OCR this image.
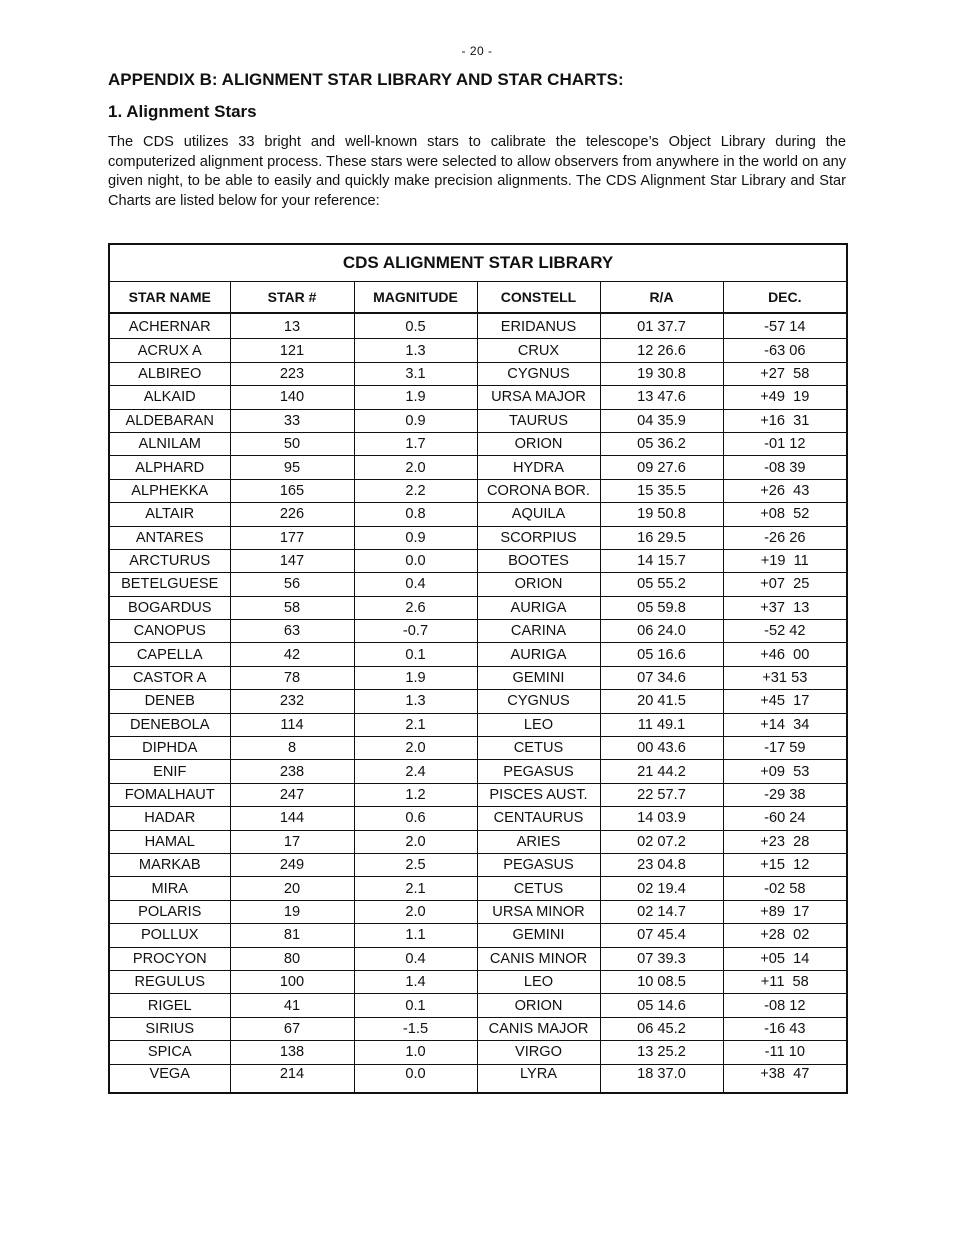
- 20 -
APPENDIX B: ALIGNMENT STAR LIBRARY AND STAR CHARTS:
1. Alignment Stars

The CDS utilizes 33 bright and well-known stars to calibrate the telescope’s Object Library during the computerized alignment process. These stars were selected to allow observers from anywhere in the world on any given night, to be able to easily and quickly make precision alignments. The CDS Alignment Star Library and Star Charts are listed below for your reference:

CDS ALIGNMENT STAR LIBRARY					
STAR NAME	STAR #	MAGNITUDE	CONSTELL	R/A	DEC.
ACHERNAR	13	0.5	ERIDANUS	01 37.7	-57 14
ACRUX A	121	1.3	CRUX	12 26.6	-63 06
ALBIREO	223	3.1	CYGNUS	19 30.8	+27  58
ALKAID	140	1.9	URSA MAJOR	13 47.6	+49  19
ALDEBARAN	33	0.9	TAURUS	04 35.9	+16  31
ALNILAM	50	1.7	ORION	05 36.2	-01 12
ALPHARD	95	2.0	HYDRA	09 27.6	-08 39
ALPHEKKA	165	2.2	CORONA BOR.	15 35.5	+26  43
ALTAIR	226	0.8	AQUILA	19 50.8	+08  52
ANTARES	177	0.9	SCORPIUS	16 29.5	-26 26
ARCTURUS	147	0.0	BOOTES	14 15.7	+19  11
BETELGUESE	56	0.4	ORION	05 55.2	+07  25
BOGARDUS	58	2.6	AURIGA	05 59.8	+37  13
CANOPUS	63	-0.7	CARINA	06 24.0	-52 42
CAPELLA	42	0.1	AURIGA	05 16.6	+46  00
CASTOR A	78	1.9	GEMINI	07 34.6	+31 53
DENEB	232	1.3	CYGNUS	20 41.5	+45  17
DENEBOLA	114	2.1	LEO	11 49.1	+14  34
DIPHDA	8	2.0	CETUS	00 43.6	-17 59
ENIF	238	2.4	PEGASUS	21 44.2	+09  53
FOMALHAUT	247	1.2	PISCES AUST.	22 57.7	-29 38
HADAR	144	0.6	CENTAURUS	14 03.9	-60 24
HAMAL	17	2.0	ARIES	02 07.2	+23  28
MARKAB	249	2.5	PEGASUS	23 04.8	+15  12
MIRA	20	2.1	CETUS	02 19.4	-02 58
POLARIS	19	2.0	URSA MINOR	02 14.7	+89  17
POLLUX	81	1.1	GEMINI	07 45.4	+28  02
PROCYON	80	0.4	CANIS MINOR	07 39.3	+05  14
REGULUS	100	1.4	LEO	10 08.5	+11  58
RIGEL	41	0.1	ORION	05 14.6	-08 12
SIRIUS	67	-1.5	CANIS MAJOR	06 45.2	-16 43
SPICA	138	1.0	VIRGO	13 25.2	-11 10
VEGA	214	0.0	LYRA	18 37.0	+38  47
